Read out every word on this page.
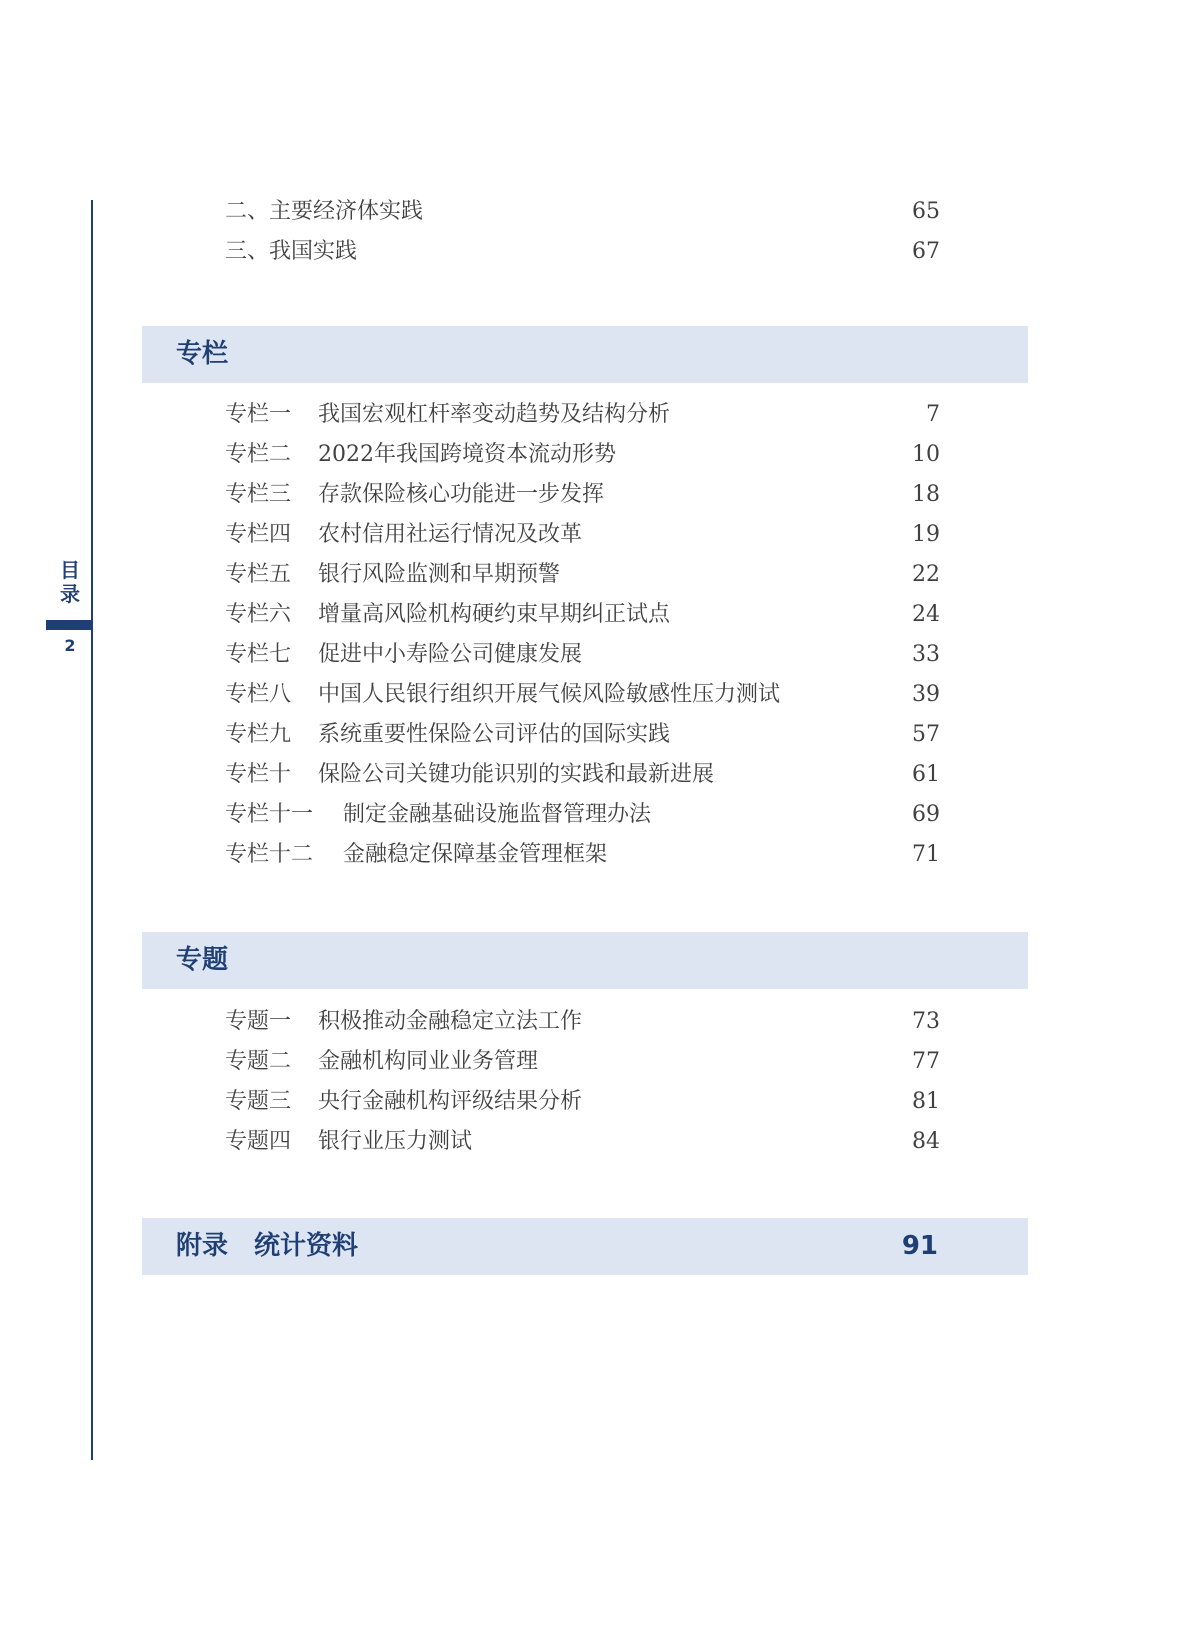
目录
2
二、主要经济体实践	65
三、我国实践	67
专栏
专栏一 我国宏观杠杆率变动趋势及结构分析	7
专栏二 2022年我国跨境资本流动形势	10
专栏三 存款保险核心功能进一步发挥	18
专栏四 农村信用社运行情况及改革	19
专栏五 银行风险监测和早期预警	22
专栏六 增量高风险机构硬约束早期纠正试点	24
专栏七 促进中小寿险公司健康发展	33
专栏八 中国人民银行组织开展气候风险敏感性压力测试	39
专栏九 系统重要性保险公司评估的国际实践	57
专栏十 保险公司关键功能识别的实践和最新进展	61
专栏十一 制定金融基础设施监督管理办法	69
专栏十二 金融稳定保障基金管理框架	71
专题
专题一 积极推动金融稳定立法工作	73
专题二 金融机构同业业务管理	77
专题三 央行金融机构评级结果分析	81
专题四 银行业压力测试	84
附录　统计资料	91
